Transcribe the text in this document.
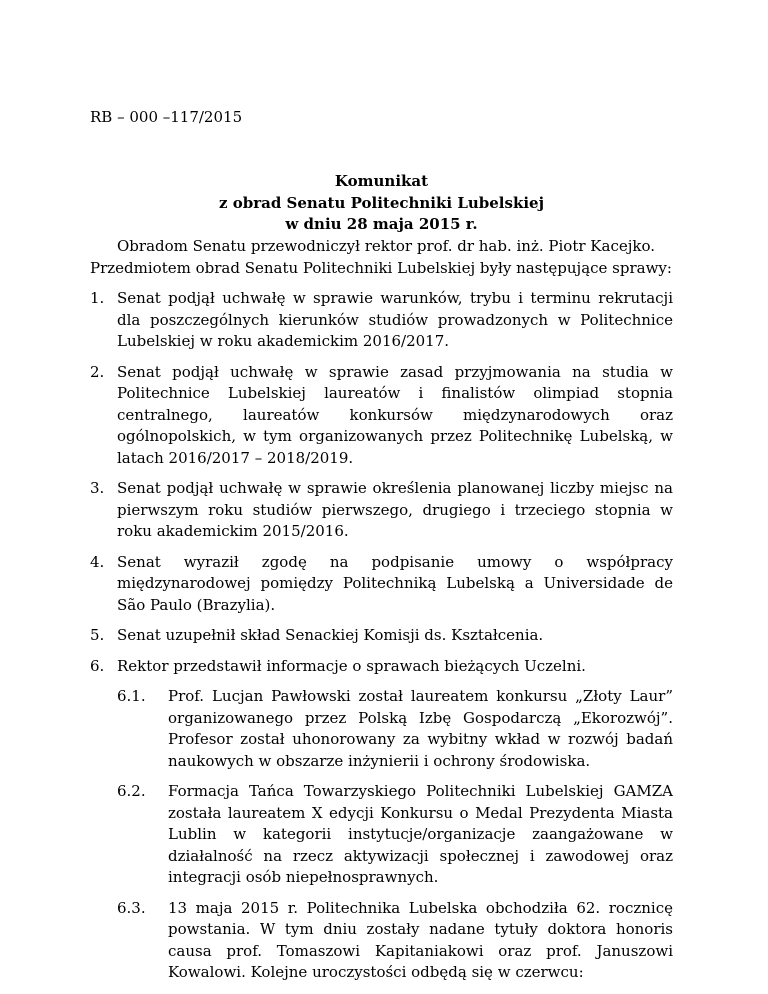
RB – 000 –117/2015
Komunikat
z obrad Senatu Politechniki Lubelskiej
w dniu 28 maja 2015 r.

Obradom Senatu przewodniczył rektor prof. dr hab. inż. Piotr Kacejko.

Przedmiotem obrad Senatu Politechniki Lubelskiej były następujące sprawy:

1. Senat podjął uchwałę w sprawie warunków, trybu i terminu rekrutacji dla poszczególnych kierunków studiów prowadzonych w Politechnice Lubelskiej w roku akademickim 2016/2017.
2. Senat podjął uchwałę w sprawie zasad przyjmowania na studia w Politechnice Lubelskiej laureatów i finalistów olimpiad stopnia centralnego, laureatów konkursów międzynarodowych oraz ogólnopolskich, w tym organizowanych przez Politechnikę Lubelską, w latach 2016/2017 – 2018/2019.
3. Senat podjął uchwałę w sprawie określenia planowanej liczby miejsc na pierwszym roku studiów pierwszego, drugiego i trzeciego stopnia w roku akademickim 2015/2016.
4. Senat wyraził zgodę na podpisanie umowy o współpracy międzynarodowej pomiędzy Politechniką Lubelską a Universidade de São Paulo (Brazylia).
5. Senat uzupełnił skład Senackiej Komisji ds. Kształcenia.
6. Rektor przedstawił informacje o sprawach bieżących Uczelni.
6.1. Prof. Lucjan Pawłowski został laureatem konkursu „Złoty Laur” organizowanego przez Polską Izbę Gospodarczą „Ekorozwój”. Profesor został uhonorowany za wybitny wkład w rozwój badań naukowych w obszarze inżynierii i ochrony środowiska.
6.2. Formacja Tańca Towarzyskiego Politechniki Lubelskiej GAMZA została laureatem X edycji Konkursu o Medal Prezydenta Miasta Lublin w kategorii instytucje/organizacje zaangażowane w działalność na rzecz aktywizacji społecznej i zawodowej oraz integracji osób niepełnosprawnych.
6.3. 13 maja 2015 r. Politechnika Lubelska obchodziła 62. rocznicę powstania. W tym dniu zostały nadane tytuły doktora honoris causa prof. Tomaszowi Kapitaniakowi oraz prof. Januszowi Kowalowi. Kolejne uroczystości odbędą się w czerwcu:
